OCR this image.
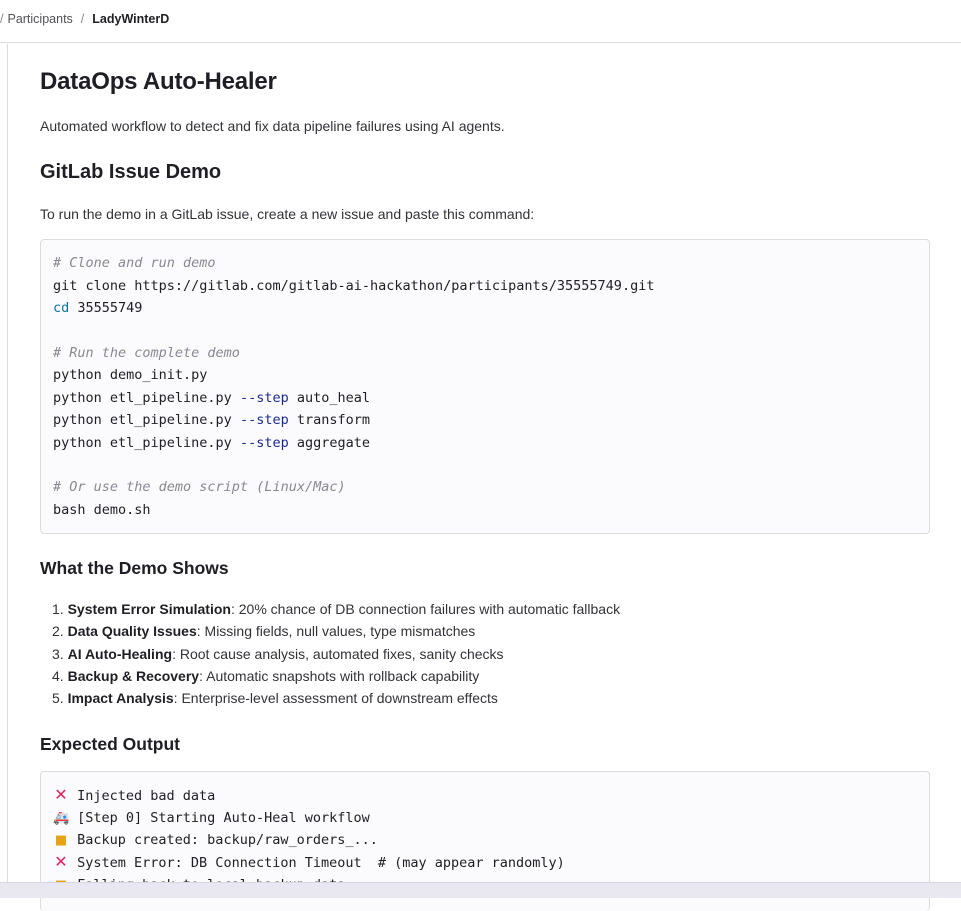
/ Participants / LadyWinterD
DataOps Auto-Healer

Automated workflow to detect and fix data pipeline failures using AI agents.

GitLab Issue Demo

To run the demo in a GitLab issue, create a new issue and paste this command:

# Clone and run demo
git clone https://gitlab.com/gitlab-ai-hackathon/participants/35555749.git
cd 35555749
# Run the complete demo
python demo_init.py
python etl_pipeline.py --step auto_heal
python etl_pipeline.py --step transform
python etl_pipeline.py --step aggregate
# Or use the demo script (Linux/Mac)
bash demo.sh
What the Demo Shows
1. System Error Simulation: 20% chance of DB connection failures with automatic fallback
2. Data Quality Issues: Missing fields, null values, type mismatches
3. AI Auto-Healing: Root cause analysis, automated fixes, sanity checks
4. Backup & Recovery: Automatic snapshots with rollback capability
5. Impact Analysis: Enterprise-level assessment of downstream effects
Expected Output
✕ Injected bad data
🚑 [Step 0] Starting Auto-Heal workflow
■ Backup created: backup/raw_orders_...
✕ System Error: DB Connection Timeout  # (may appear randomly)
